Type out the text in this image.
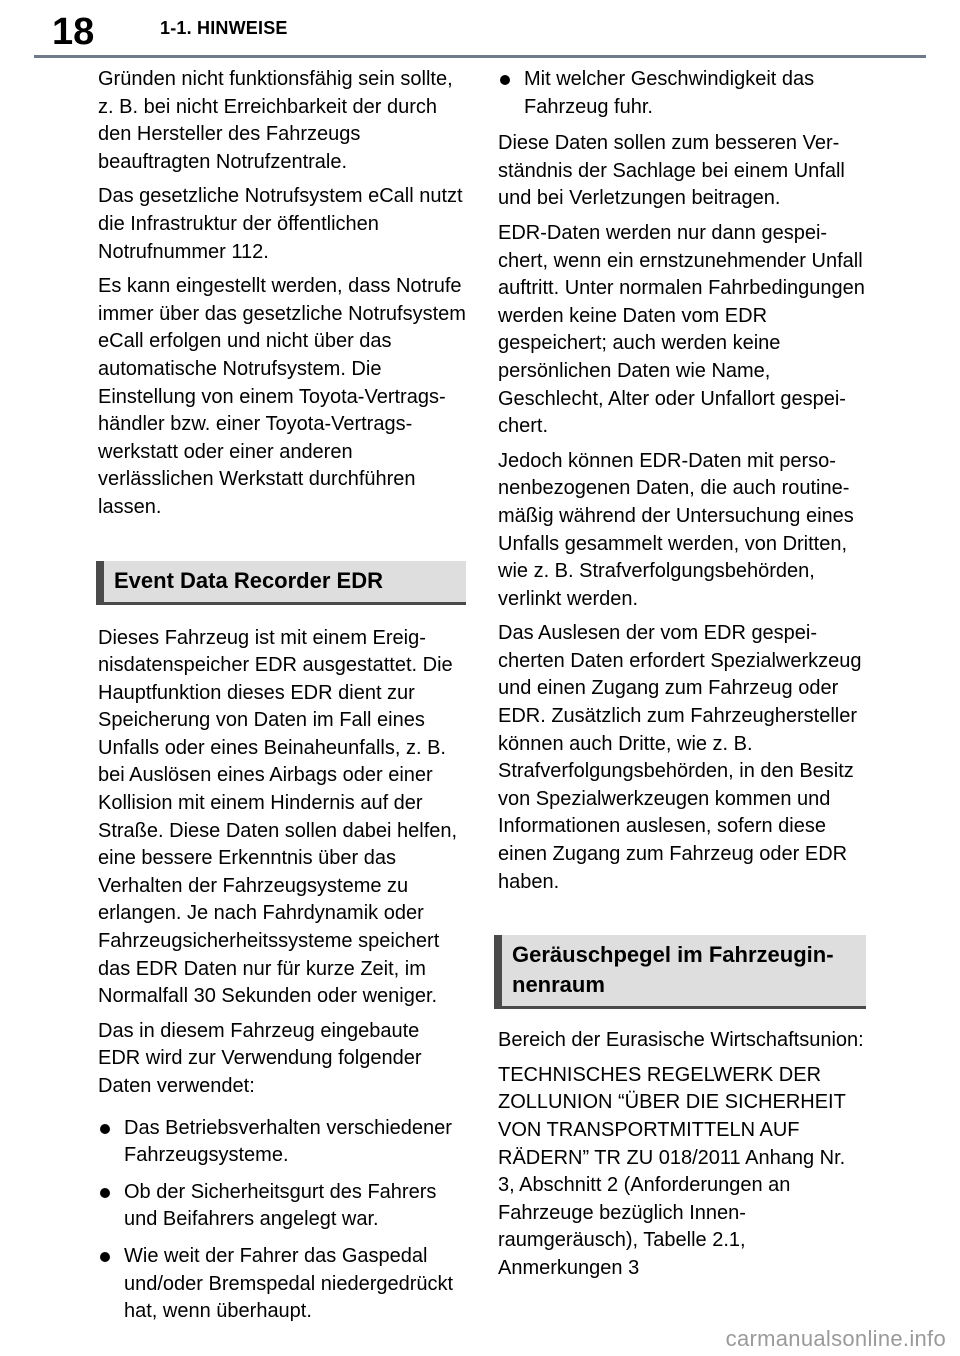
18	1-1. HINWEISE

Gründen nicht funktionsfähig sein sollte, z. B. bei nicht Erreichbarkeit der durch den Hersteller des Fahrzeugs beauftragten Notrufzentrale.

Das gesetzliche Notrufsystem eCall nutzt die Infrastruktur der öffentlichen Notrufnummer 112.

Es kann eingestellt werden, dass Notrufe immer über das gesetzliche Notrufsystem eCall erfolgen und nicht über das automatische Notrufsystem. Die Einstellung von einem Toyota-Vertragshändler bzw. einer Toyota-Vertragswerkstatt oder einer anderen verlässlichen Werkstatt durchführen lassen.

Event Data Recorder EDR

Dieses Fahrzeug ist mit einem Ereignisdatenspeicher EDR ausgestattet. Die Hauptfunktion dieses EDR dient zur Speicherung von Daten im Fall eines Unfalls oder eines Beinaheunfalls, z. B. bei Auslösen eines Airbags oder einer Kollision mit einem Hindernis auf der Straße. Diese Daten sollen dabei helfen, eine bessere Erkenntnis über das Verhalten der Fahrzeugsysteme zu erlangen. Je nach Fahrdynamik oder Fahrzeugsicherheitssysteme speichert das EDR Daten nur für kurze Zeit, im Normalfall 30 Sekunden oder weniger.

Das in diesem Fahrzeug eingebaute EDR wird zur Verwendung folgender Daten verwendet:

Das Betriebsverhalten verschiedener Fahrzeugsysteme.
Ob der Sicherheitsgurt des Fahrers und Beifahrers angelegt war.
Wie weit der Fahrer das Gaspedal und/oder Bremspedal niedergedrückt hat, wenn überhaupt.
Mit welcher Geschwindigkeit das Fahrzeug fuhr.

Diese Daten sollen zum besseren Verständnis der Sachlage bei einem Unfall und bei Verletzungen beitragen.

EDR-Daten werden nur dann gespeichert, wenn ein ernstzunehmender Unfall auftritt. Unter normalen Fahrbedingungen werden keine Daten vom EDR gespeichert; auch werden keine persönlichen Daten wie Name, Geschlecht, Alter oder Unfallort gespeichert.

Jedoch können EDR-Daten mit personenbezogenen Daten, die auch routinemäßig während der Untersuchung eines Unfalls gesammelt werden, von Dritten, wie z. B. Strafverfolgungsbehörden, verlinkt werden.

Das Auslesen der vom EDR gespeicherten Daten erfordert Spezialwerkzeug und einen Zugang zum Fahrzeug oder EDR. Zusätzlich zum Fahrzeughersteller können auch Dritte, wie z. B. Strafverfolgungsbehörden, in den Besitz von Spezialwerkzeugen kommen und Informationen auslesen, sofern diese einen Zugang zum Fahrzeug oder EDR haben.

Geräuschpegel im Fahrzeuginnenraum

Bereich der Eurasische Wirtschaftsunion:

TECHNISCHES REGELWERK DER ZOLLUNION “ÜBER DIE SICHERHEIT VON TRANSPORTMITTELN AUF RÄDERN” TR ZU 018/2011 Anhang Nr. 3, Abschnitt 2 (Anforderungen an Fahrzeuge bezüglich Innenraumgeräusch), Tabelle 2.1, Anmerkungen 3

carmanualsonline.info
